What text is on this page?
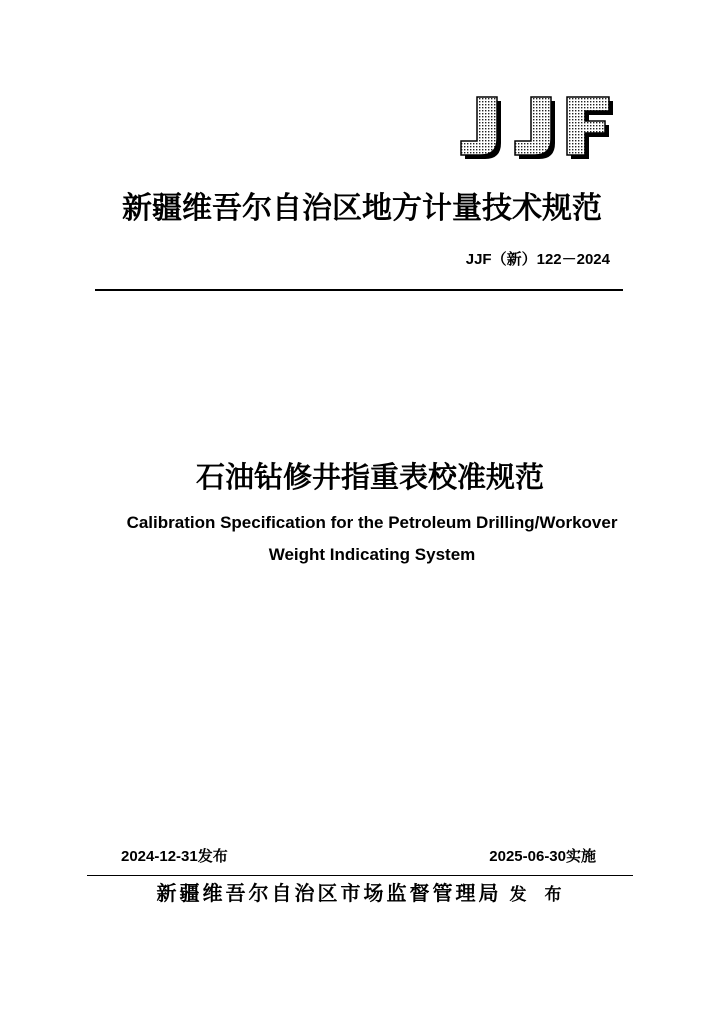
新疆维吾尔自治区地方计量技术规范
JJF（新）122－2024
石油钻修井指重表校准规范
Calibration Specification for the Petroleum Drilling/Workover
Weight Indicating System
2024-12-31发布	2025-06-30实施
新疆维吾尔自治区市场监督管理局 发 布
